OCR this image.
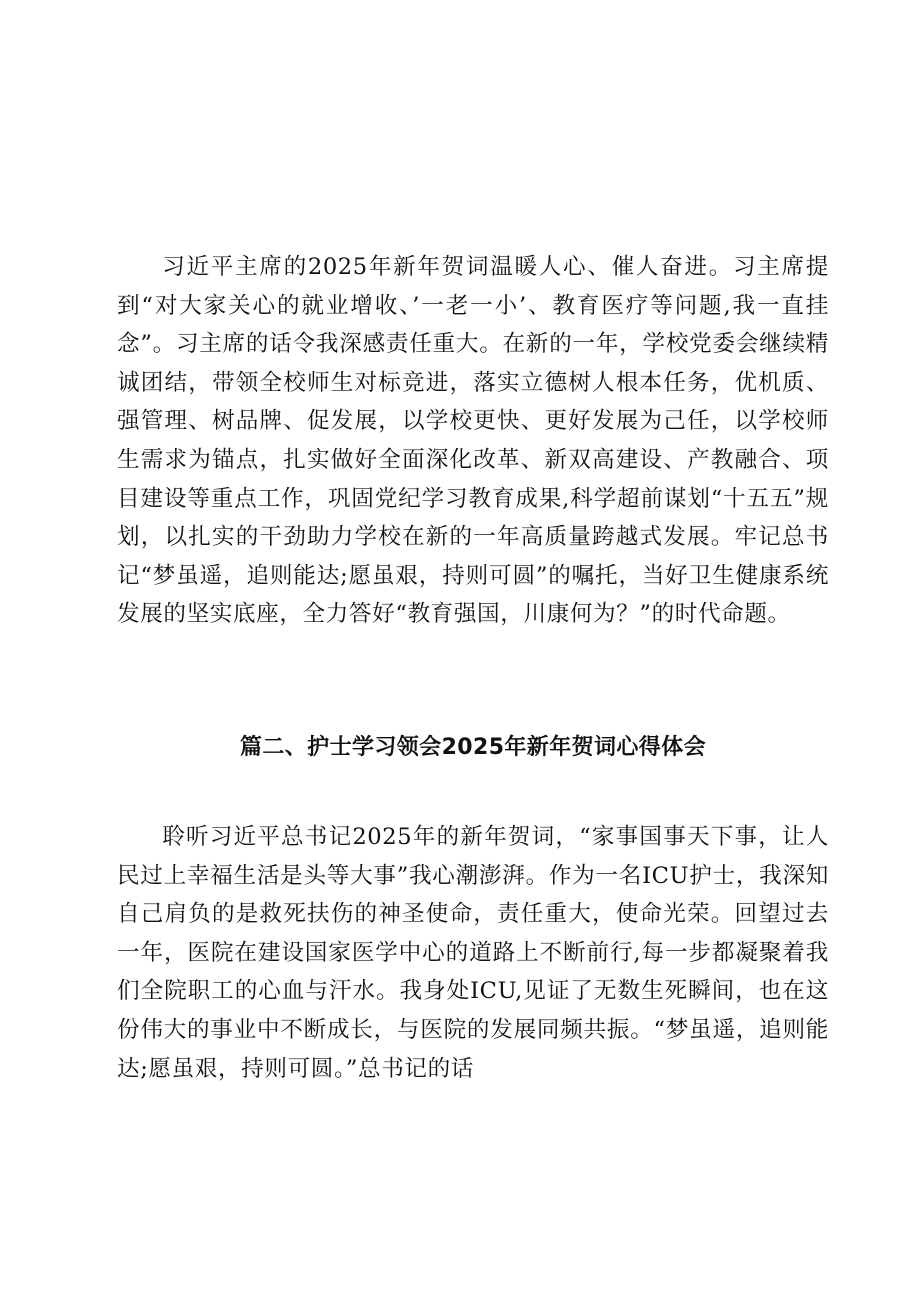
习近平主席的2025年新年贺词温暖人心、催人奋进。习主席提到“对大家关心的就业增收、’一老一小’、教育医疗等问题,我一直挂念”。习主席的话令我深感责任重大。在新的一年，学校党委会继续精诚团结，带领全校师生对标竞进，落实立德树人根本任务，优机质、强管理、树品牌、促发展，以学校更快、更好发展为己任，以学校师生需求为锚点，扎实做好全面深化改革、新双高建设、产教融合、项目建设等重点工作，巩固党纪学习教育成果,科学超前谋划“十五五”规划，以扎实的干劲助力学校在新的一年高质量跨越式发展。牢记总书记“梦虽遥，追则能达;愿虽艰，持则可圆”的嘱托，当好卫生健康系统发展的坚实底座，全力答好“教育强国，川康何为？”的时代命题。

篇二、护士学习领会2025年新年贺词心得体会

聆听习近平总书记2025年的新年贺词，“家事国事天下事，让人民过上幸福生活是头等大事”我心潮澎湃。作为一名ICU护士，我深知自己肩负的是救死扶伤的神圣使命，责任重大，使命光荣。回望过去一年，医院在建设国家医学中心的道路上不断前行,每一步都凝聚着我们全院职工的心血与汗水。我身处ICU,见证了无数生死瞬间，也在这份伟大的事业中不断成长，与医院的发展同频共振。“梦虽遥，追则能达;愿虽艰，持则可圆。”总书记的话
